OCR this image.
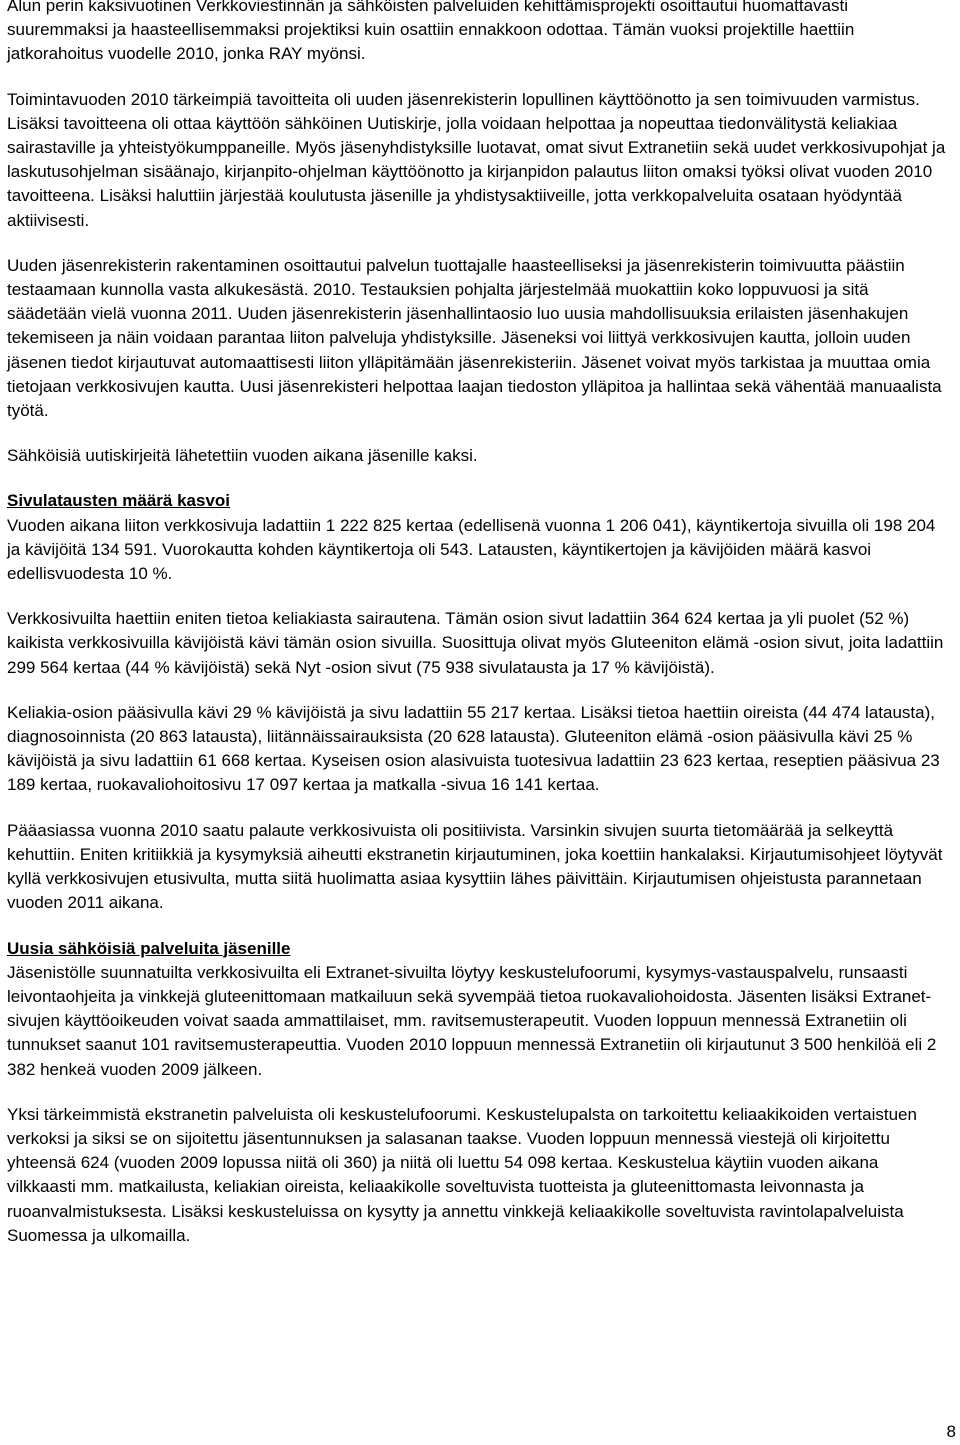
Alun perin kaksivuotinen Verkkoviestinnän ja sähköisten palveluiden kehittämisprojekti osoittautui huomattavasti suuremmaksi ja haasteellisemmaksi projektiksi kuin osattiin ennakkoon odottaa. Tämän vuoksi projektille haettiin jatkorahoitus vuodelle 2010, jonka RAY myönsi.

Toimintavuoden 2010 tärkeimpiä tavoitteita oli uuden jäsenrekisterin lopullinen käyttöönotto ja sen toimivuuden varmistus. Lisäksi tavoitteena oli ottaa käyttöön sähköinen Uutiskirje, jolla voidaan helpottaa ja nopeuttaa tiedonvälitystä keliakiaa sairastaville ja yhteistyökumppaneille. Myös jäsenyhdistyksille luotavat, omat sivut Extranetiin sekä uudet verkkosivupohjat ja laskutusohjelman sisäänajo, kirjanpito-ohjelman käyttöönotto ja kirjanpidon palautus liiton omaksi työksi olivat vuoden 2010 tavoitteena. Lisäksi haluttiin järjestää koulutusta jäsenille ja yhdistysaktiiveille, jotta verkkopalveluita osataan hyödyntää aktiivisesti.

Uuden jäsenrekisterin rakentaminen osoittautui palvelun tuottajalle haasteelliseksi ja jäsenrekisterin toimivuutta päästiin testaamaan kunnolla vasta alkukesästä. 2010. Testauksien pohjalta järjestelmää muokattiin koko loppuvuosi ja sitä säädetään vielä vuonna 2011. Uuden jäsenrekisterin jäsenhallintaosio luo uusia mahdollisuuksia erilaisten jäsenhakujen tekemiseen ja näin voidaan parantaa liiton palveluja yhdistyksille. Jäseneksi voi liittyä verkkosivujen kautta, jolloin uuden jäsenen tiedot kirjautuvat automaattisesti liiton ylläpitämään jäsenrekisteriin. Jäsenet voivat myös tarkistaa ja muuttaa omia tietojaan verkkosivujen kautta. Uusi jäsenrekisteri helpottaa laajan tiedoston ylläpitoa ja hallintaa sekä vähentää manuaalista työtä.

Sähköisiä uutiskirjeitä lähetettiin vuoden aikana jäsenille kaksi.

Sivulatausten määrä kasvoi

Vuoden aikana liiton verkkosivuja ladattiin 1 222 825 kertaa (edellisenä vuonna 1 206 041), käyntikertoja sivuilla oli 198 204 ja kävijöitä 134 591. Vuorokautta kohden käyntikertoja oli 543. Latausten, käyntikertojen ja kävijöiden määrä kasvoi edellisvuodesta 10 %.

Verkkosivuilta haettiin eniten tietoa keliakiasta sairautena. Tämän osion sivut ladattiin 364 624 kertaa ja yli puolet (52 %) kaikista verkkosivuilla kävijöistä kävi tämän osion sivuilla. Suosittuja olivat myös Gluteeniton elämä -osion sivut, joita ladattiin 299 564 kertaa (44 % kävijöistä) sekä Nyt -osion sivut (75 938 sivulatausta ja 17 % kävijöistä).

Keliakia-osion pääsivulla kävi 29 % kävijöistä ja sivu ladattiin 55 217 kertaa. Lisäksi tietoa haettiin oireista (44 474 latausta), diagnosoinnista (20 863 latausta), liitännäissairauksista (20 628 latausta). Gluteeniton elämä -osion pääsivulla kävi 25 % kävijöistä ja sivu ladattiin 61 668 kertaa. Kyseisen osion alasivuista tuotesivua ladattiin 23 623 kertaa, reseptien pääsivua 23 189 kertaa, ruokavaliohoitosivu 17 097 kertaa ja matkalla -sivua 16 141 kertaa.

Pääasiassa vuonna 2010 saatu palaute verkkosivuista oli positiivista. Varsinkin sivujen suurta tietomäärää ja selkeyttä kehuttiin. Eniten kritiikkiä ja kysymyksiä aiheutti ekstranetin kirjautuminen, joka koettiin hankalaksi. Kirjautumisohjeet löytyvät kyllä verkkosivujen etusivulta, mutta siitä huolimatta asiaa kysyttiin lähes päivittäin. Kirjautumisen ohjeistusta parannetaan vuoden 2011 aikana.

Uusia sähköisiä palveluita jäsenille

Jäsenistölle suunnatuilta verkkosivuilta eli Extranet-sivuilta löytyy keskustelufoorumi, kysymys-vastauspalvelu, runsaasti leivontaohjeita ja vinkkejä gluteenittomaan matkailuun sekä syvempää tietoa ruokavaliohoidosta. Jäsenten lisäksi Extranet-sivujen käyttöoikeuden voivat saada ammattilaiset, mm. ravitsemusterapeutit. Vuoden loppuun mennessä Extranetiin oli tunnukset saanut 101 ravitsemusterapeuttia. Vuoden 2010 loppuun mennessä Extranetiin oli kirjautunut 3 500 henkilöä eli 2 382 henkeä vuoden 2009 jälkeen.

Yksi tärkeimmistä ekstranetin palveluista oli keskustelufoorumi. Keskustelupalsta on tarkoitettu keliaakikoiden vertaistuen verkoksi ja siksi se on sijoitettu jäsentunnuksen ja salasanan taakse. Vuoden loppuun mennessä viestejä oli kirjoitettu yhteensä 624 (vuoden 2009 lopussa niitä oli 360) ja niitä oli luettu 54 098 kertaa. Keskustelua käytiin vuoden aikana vilkkaasti mm. matkailusta, keliakian oireista, keliaakikolle soveltuvista tuotteista ja gluteenittomasta leivonnasta ja ruoanvalmistuksesta. Lisäksi keskusteluissa on kysytty ja annettu vinkkejä keliaakikolle soveltuvista ravintolapalveluista Suomessa ja ulkomailla.

8
